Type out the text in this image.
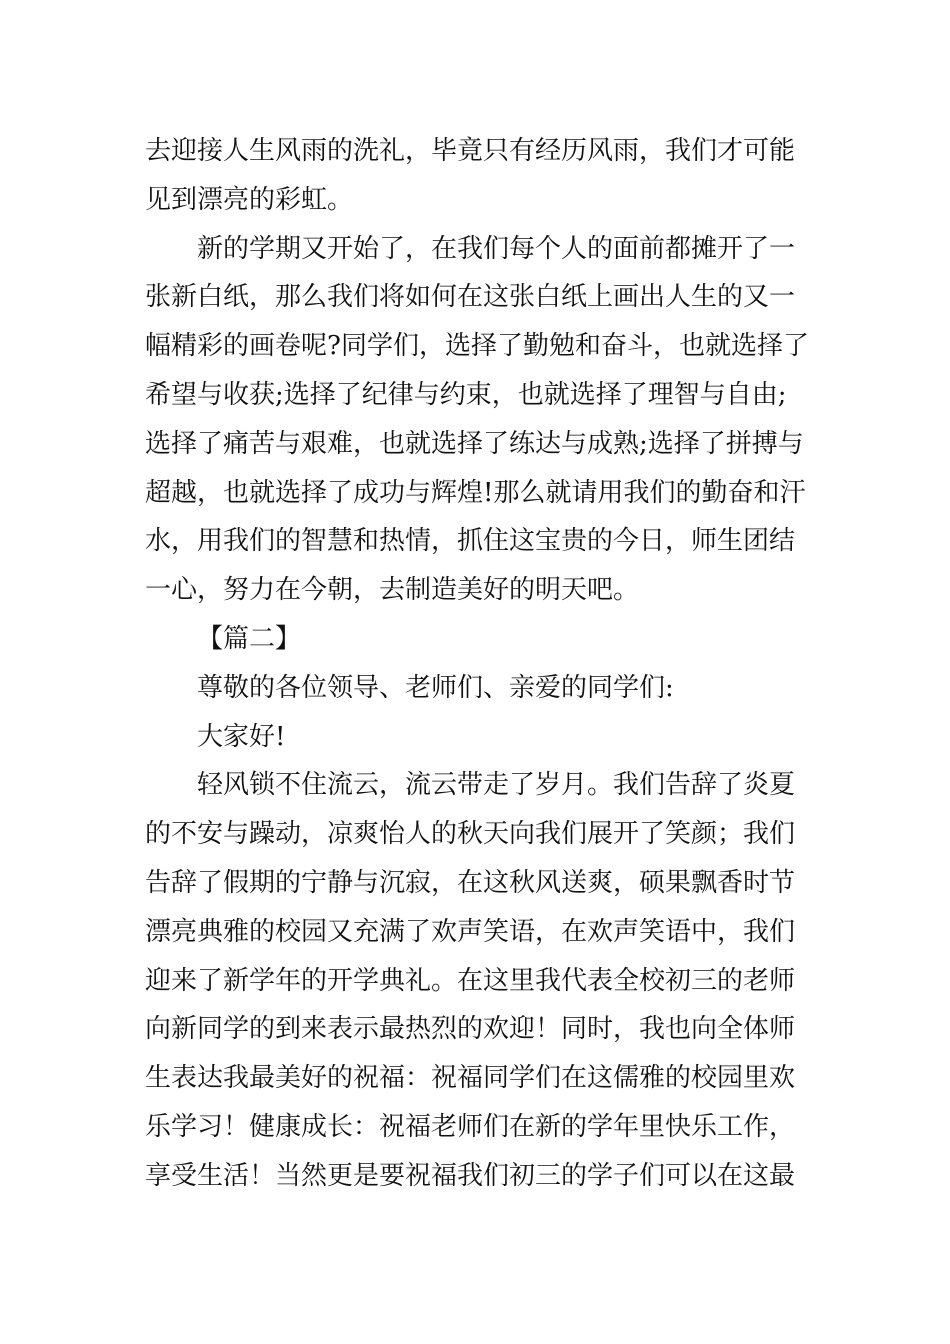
去迎接人生风雨的洗礼，毕竟只有经历风雨，我们才可能
见到漂亮的彩虹。
新的学期又开始了，在我们每个人的面前都摊开了一
张新白纸，那么我们将如何在这张白纸上画出人生的又一
幅精彩的画卷呢?同学们，选择了勤勉和奋斗，也就选择了
希望与收获;选择了纪律与约束，也就选择了理智与自由;
选择了痛苦与艰难，也就选择了练达与成熟;选择了拼搏与
超越，也就选择了成功与辉煌!那么就请用我们的勤奋和汗
水，用我们的智慧和热情，抓住这宝贵的今日，师生团结
一心，努力在今朝，去制造美好的明天吧。
【篇二】
尊敬的各位领导、老师们、亲爱的同学们:
大家好!
轻风锁不住流云，流云带走了岁月。我们告辞了炎夏
的不安与躁动，凉爽怡人的秋天向我们展开了笑颜；我们
告辞了假期的宁静与沉寂，在这秋风送爽，硕果飘香时节
漂亮典雅的校园又充满了欢声笑语，在欢声笑语中，我们
迎来了新学年的开学典礼。在这里我代表全校初三的老师
向新同学的到来表示最热烈的欢迎！同时，我也向全体师
生表达我最美好的祝福：祝福同学们在这儒雅的校园里欢
乐学习！健康成长：祝福老师们在新的学年里快乐工作，
享受生活！当然更是要祝福我们初三的学子们可以在这最
